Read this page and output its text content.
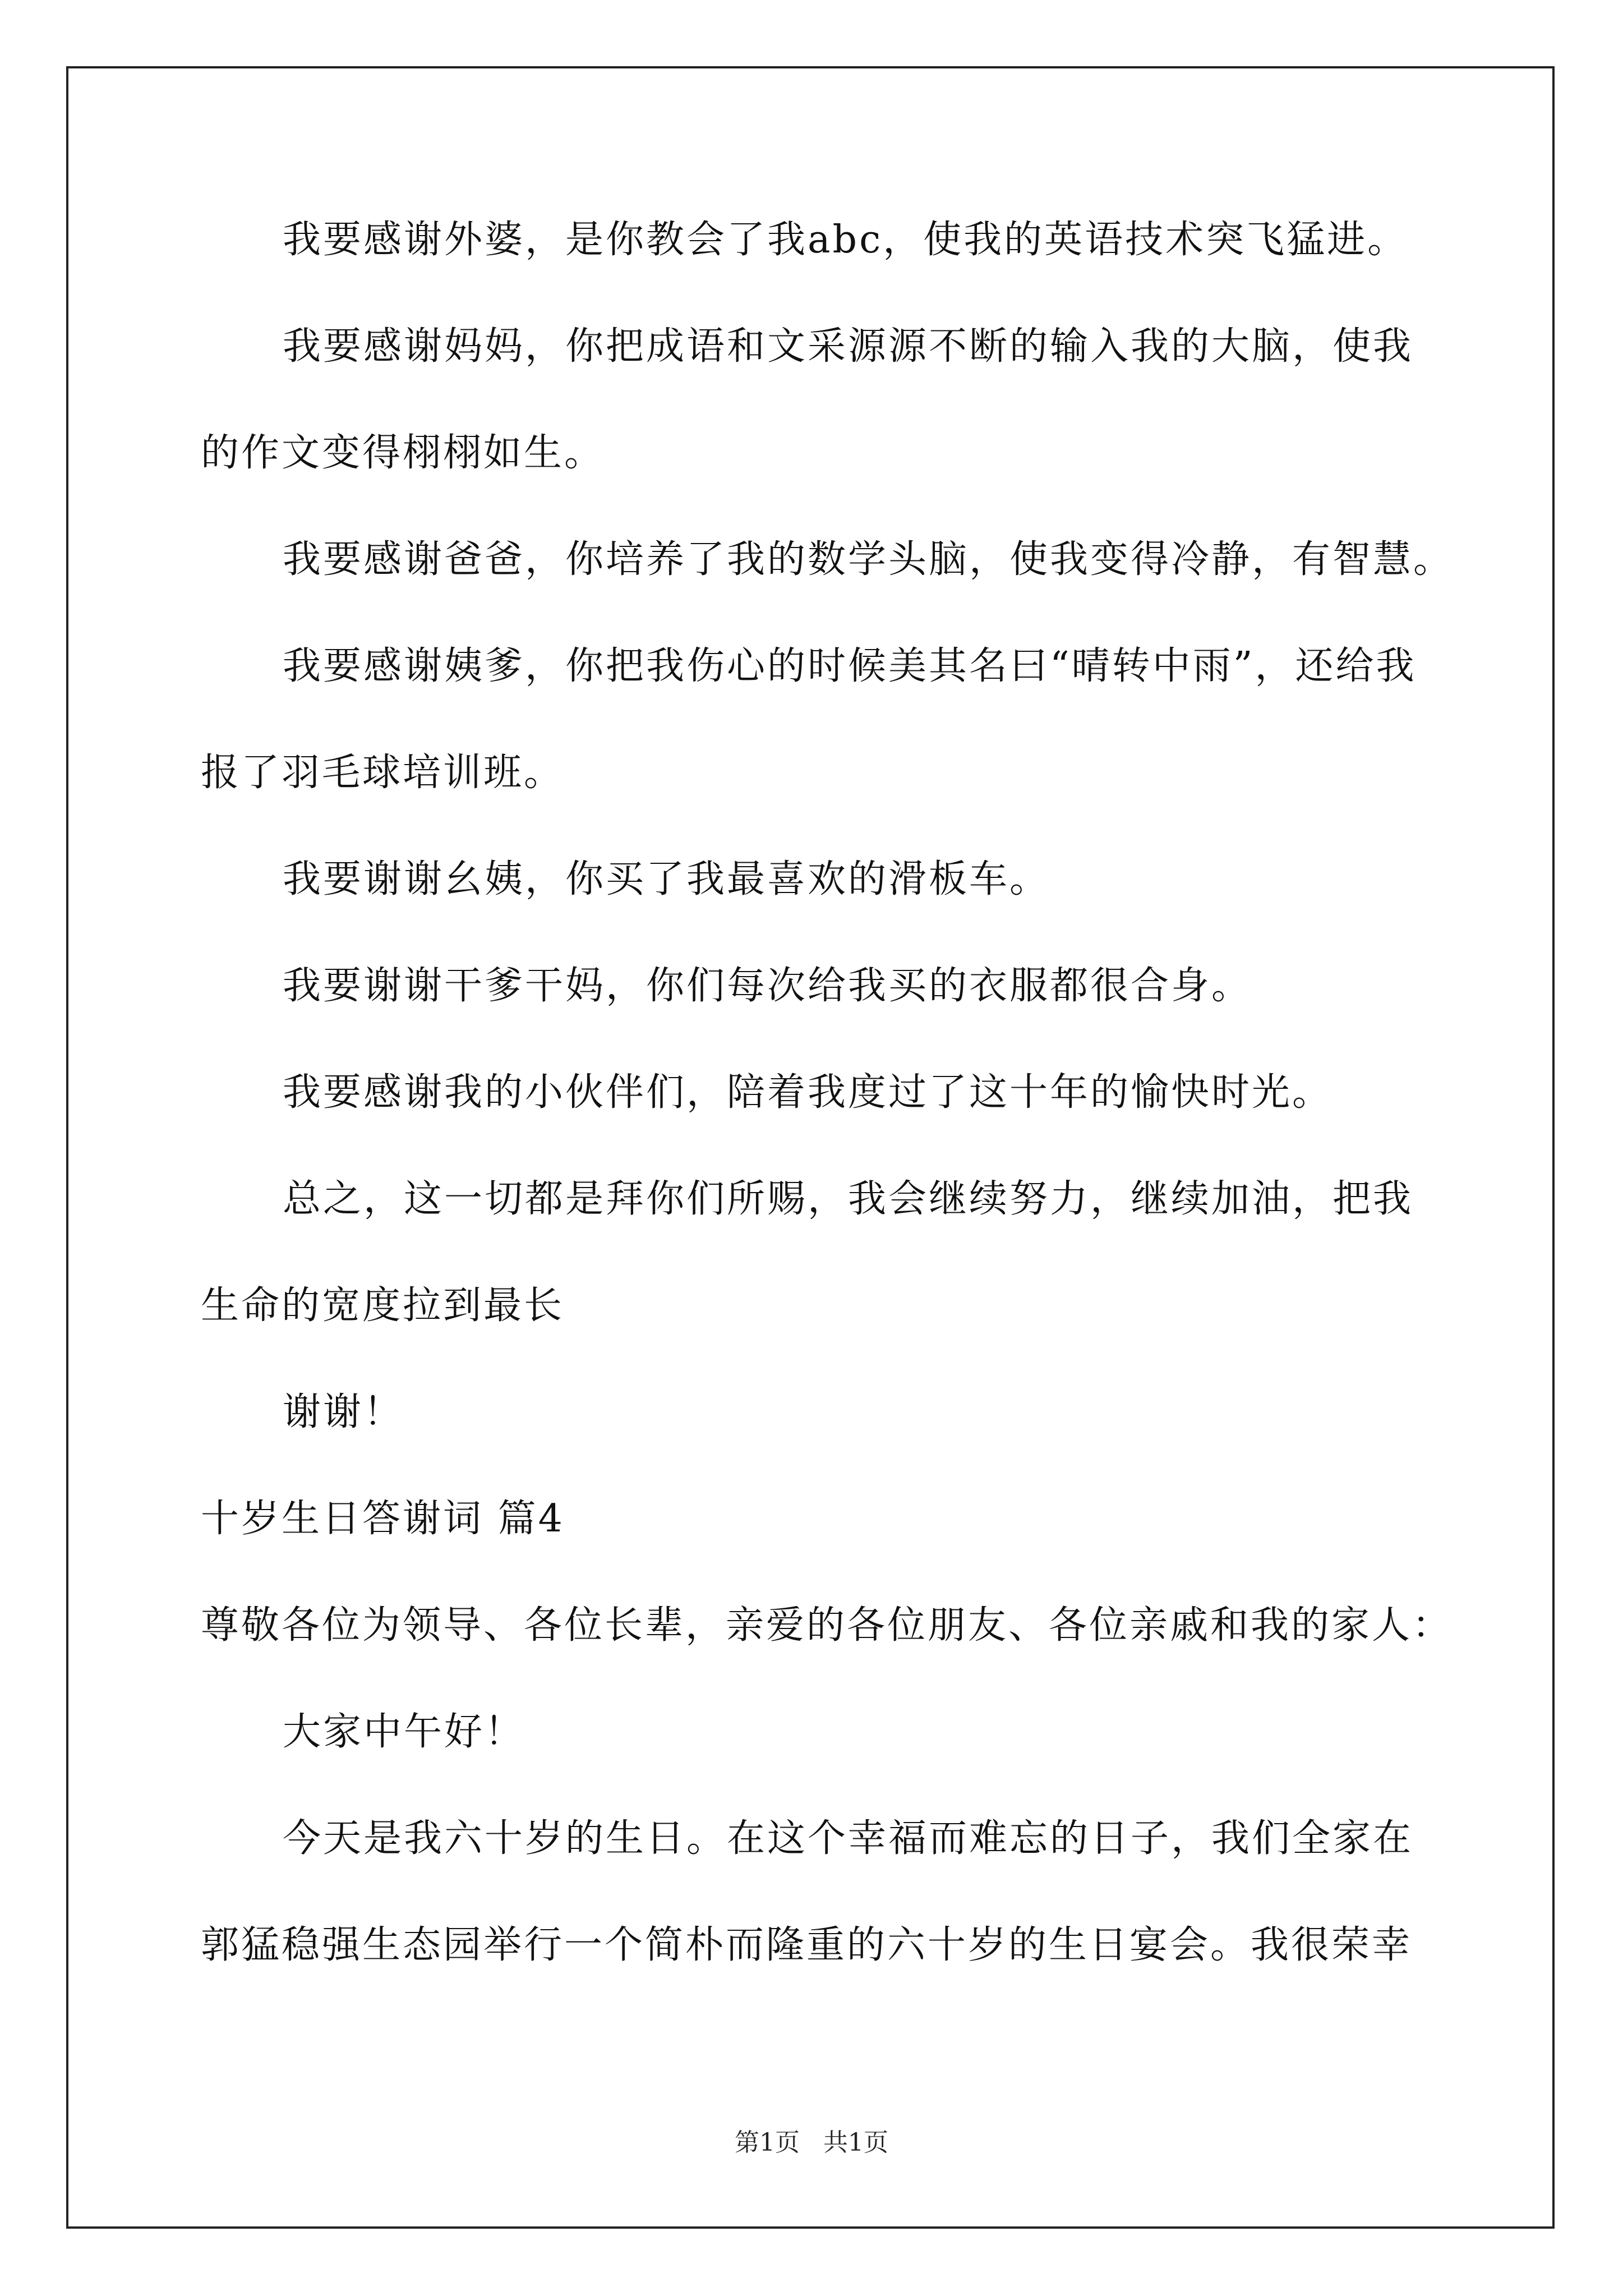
我要感谢外婆，是你教会了我abc，使我的英语技术突飞猛进。
我要感谢妈妈，你把成语和文采源源不断的输入我的大脑，使我
的作文变得栩栩如生。
我要感谢爸爸，你培养了我的数学头脑，使我变得冷静，有智慧。
我要感谢姨爹，你把我伤心的时候美其名曰“晴转中雨”，还给我
报了羽毛球培训班。
我要谢谢幺姨，你买了我最喜欢的滑板车。
我要谢谢干爹干妈，你们每次给我买的衣服都很合身。
我要感谢我的小伙伴们，陪着我度过了这十年的愉快时光。
总之，这一切都是拜你们所赐，我会继续努力，继续加油，把我
生命的宽度拉到最长
谢谢！
十岁生日答谢词 篇4
尊敬各位为领导、各位长辈，亲爱的各位朋友、各位亲戚和我的家人：
大家中午好！
今天是我六十岁的生日。在这个幸福而难忘的日子，我们全家在
郭猛稳强生态园举行一个简朴而隆重的六十岁的生日宴会。我很荣幸
第1页 共1页
